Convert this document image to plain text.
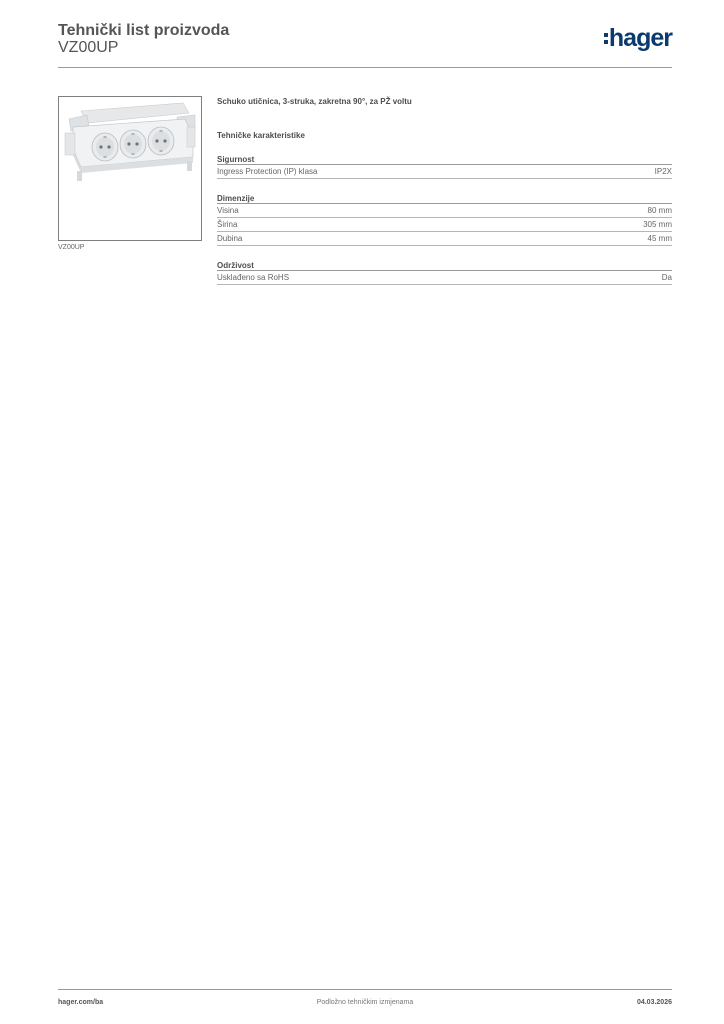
Tehnički list proizvoda
VZ00UP	hager
VZ00UP
Schuko utičnica, 3-struka, zakretna 90°, za PŽ voltu
Tehničke karakteristike
Sigurnost
Ingress Protection (IP) klasa	IP2X
Dimenzije
Visina	80 mm
Širina	305 mm
Dubina	45 mm
Održivost
Usklađeno sa RoHS	Da
hager.com/ba	Podložno tehničkim izmjenama	04.03.2026
